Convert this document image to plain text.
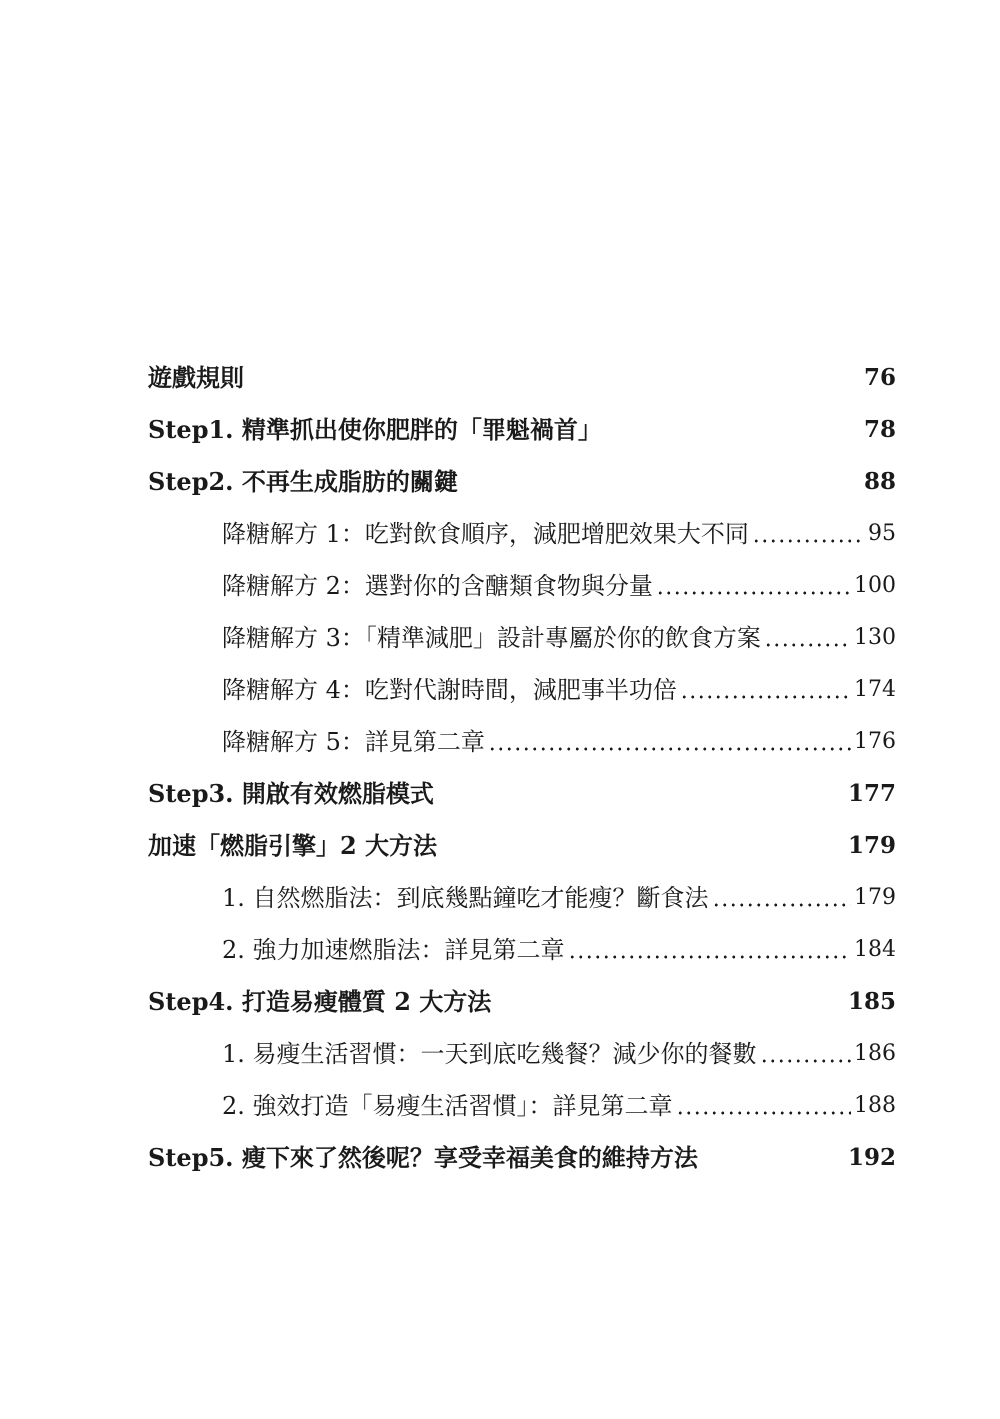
遊戲規則	76
Step1. 精準抓出使你肥胖的「罪魁禍首」	78
Step2. 不再生成脂肪的關鍵	88
降糖解方 1：吃對飲食順序，減肥增肥效果大不同	95
降糖解方 2：選對你的含醣類食物與分量	100
降糖解方 3：「精準減肥」設計專屬於你的飲食方案	130
降糖解方 4：吃對代謝時間，減肥事半功倍	174
降糖解方 5：詳見第二章	176
Step3. 開啟有效燃脂模式	177
加速「燃脂引擎」2 大方法	179
1. 自然燃脂法：到底幾點鐘吃才能瘦？斷食法	179
2. 強力加速燃脂法：詳見第二章	184
Step4. 打造易瘦體質 2 大方法	185
1. 易瘦生活習慣：一天到底吃幾餐？減少你的餐數	186
2. 強效打造「易瘦生活習慣」：詳見第二章	188
Step5. 瘦下來了然後呢？享受幸福美食的維持方法	192
